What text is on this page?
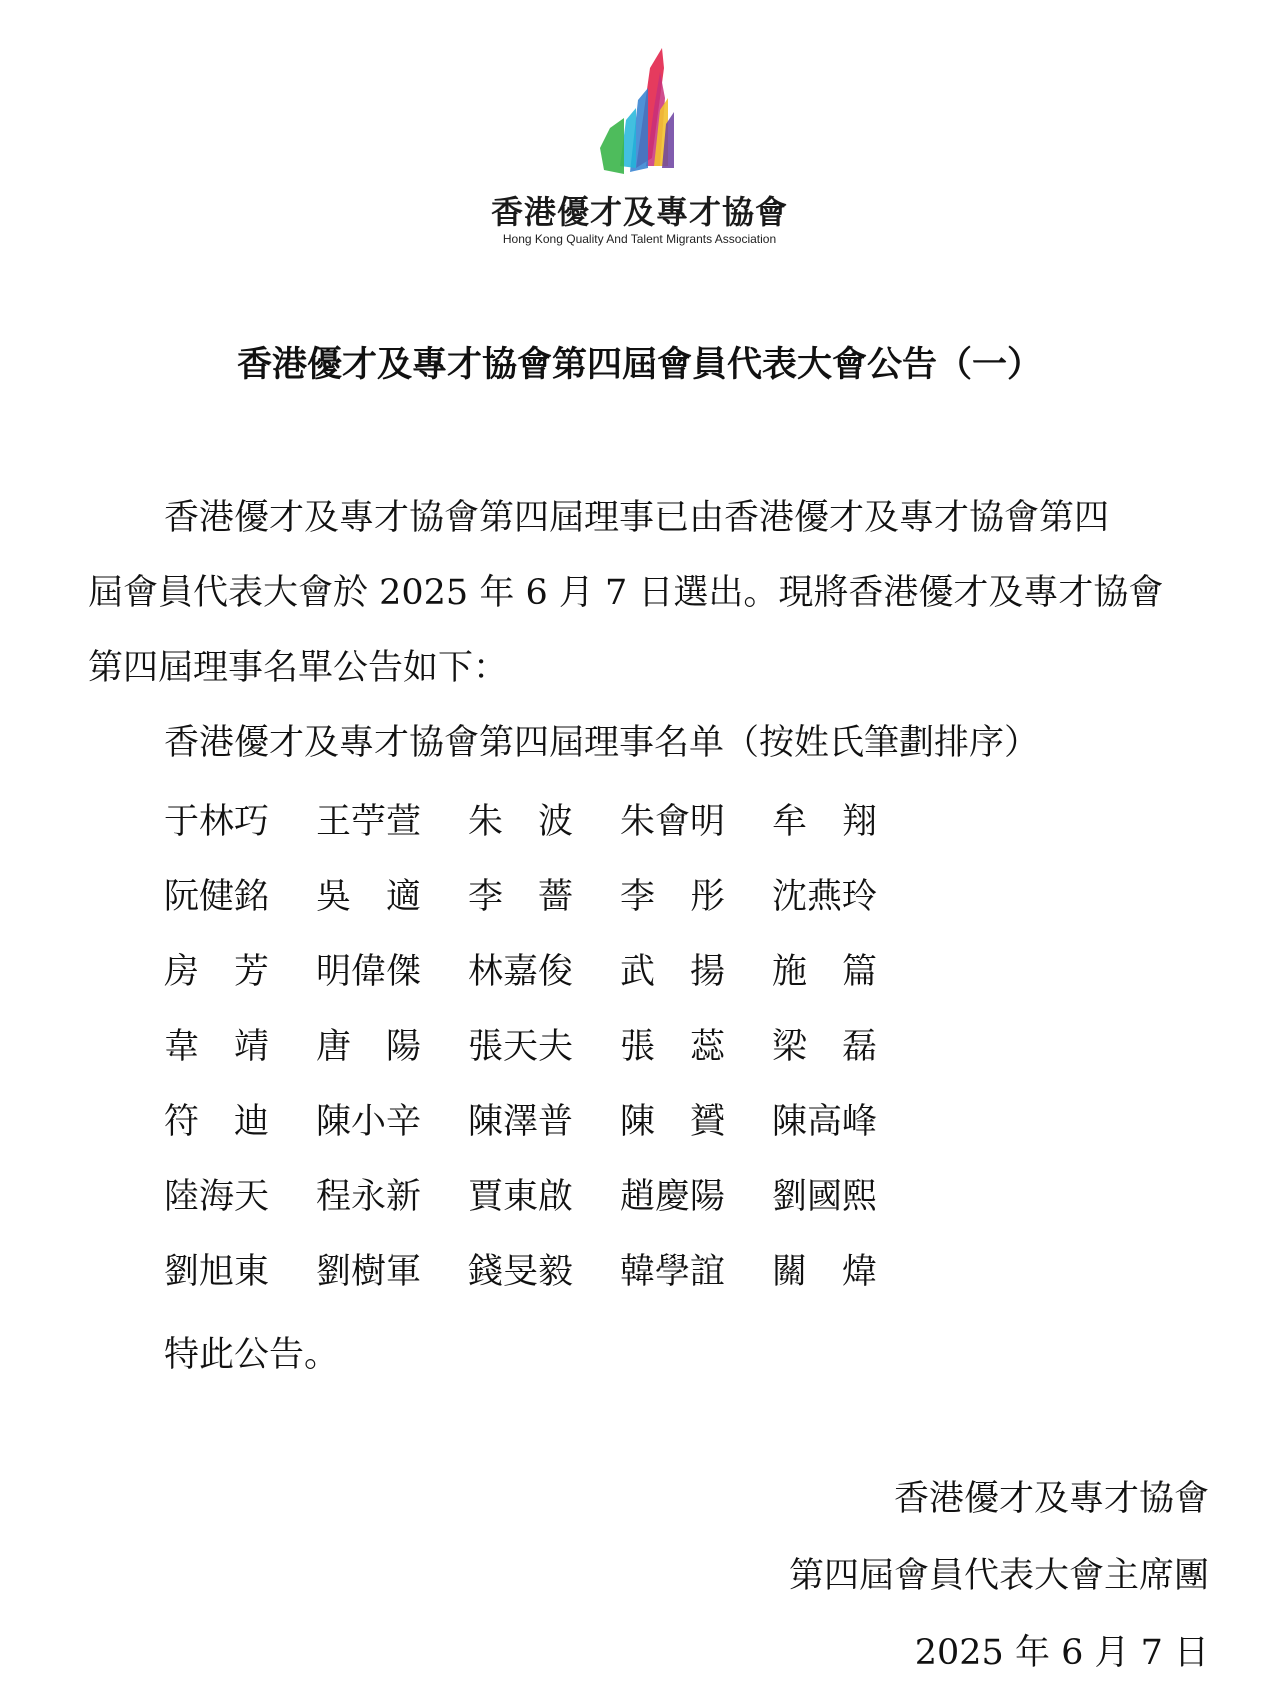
香港優才及專才協會
Hong Kong Quality And Talent Migrants Association
香港優才及專才協會第四屆會員代表大會公告（一）

香港優才及專才協會第四屆理事已由香港優才及專才協會第四

屆會員代表大會於 2025 年 6 月 7 日選出。現將香港優才及專才協會

第四屆理事名單公告如下：

香港優才及專才協會第四屆理事名单（按姓氏筆劃排序）
于林巧	王苧萱	朱　波	朱會明	牟　翔
阮健銘	吳　適	李　薔	李　彤	沈燕玲
房　芳	明偉傑	林嘉俊	武　揚	施　篇
韋　靖	唐　陽	張天夫	張　蕊	梁　磊
符　迪	陳小辛	陳澤普	陳　贇	陳高峰
陸海天	程永新	賈東啟	趙慶陽	劉國熙
劉旭東	劉樹軍	錢旻毅	韓學誼	關　煒
特此公告。
香港優才及專才協會
第四屆會員代表大會主席團
2025 年 6 月 7 日
